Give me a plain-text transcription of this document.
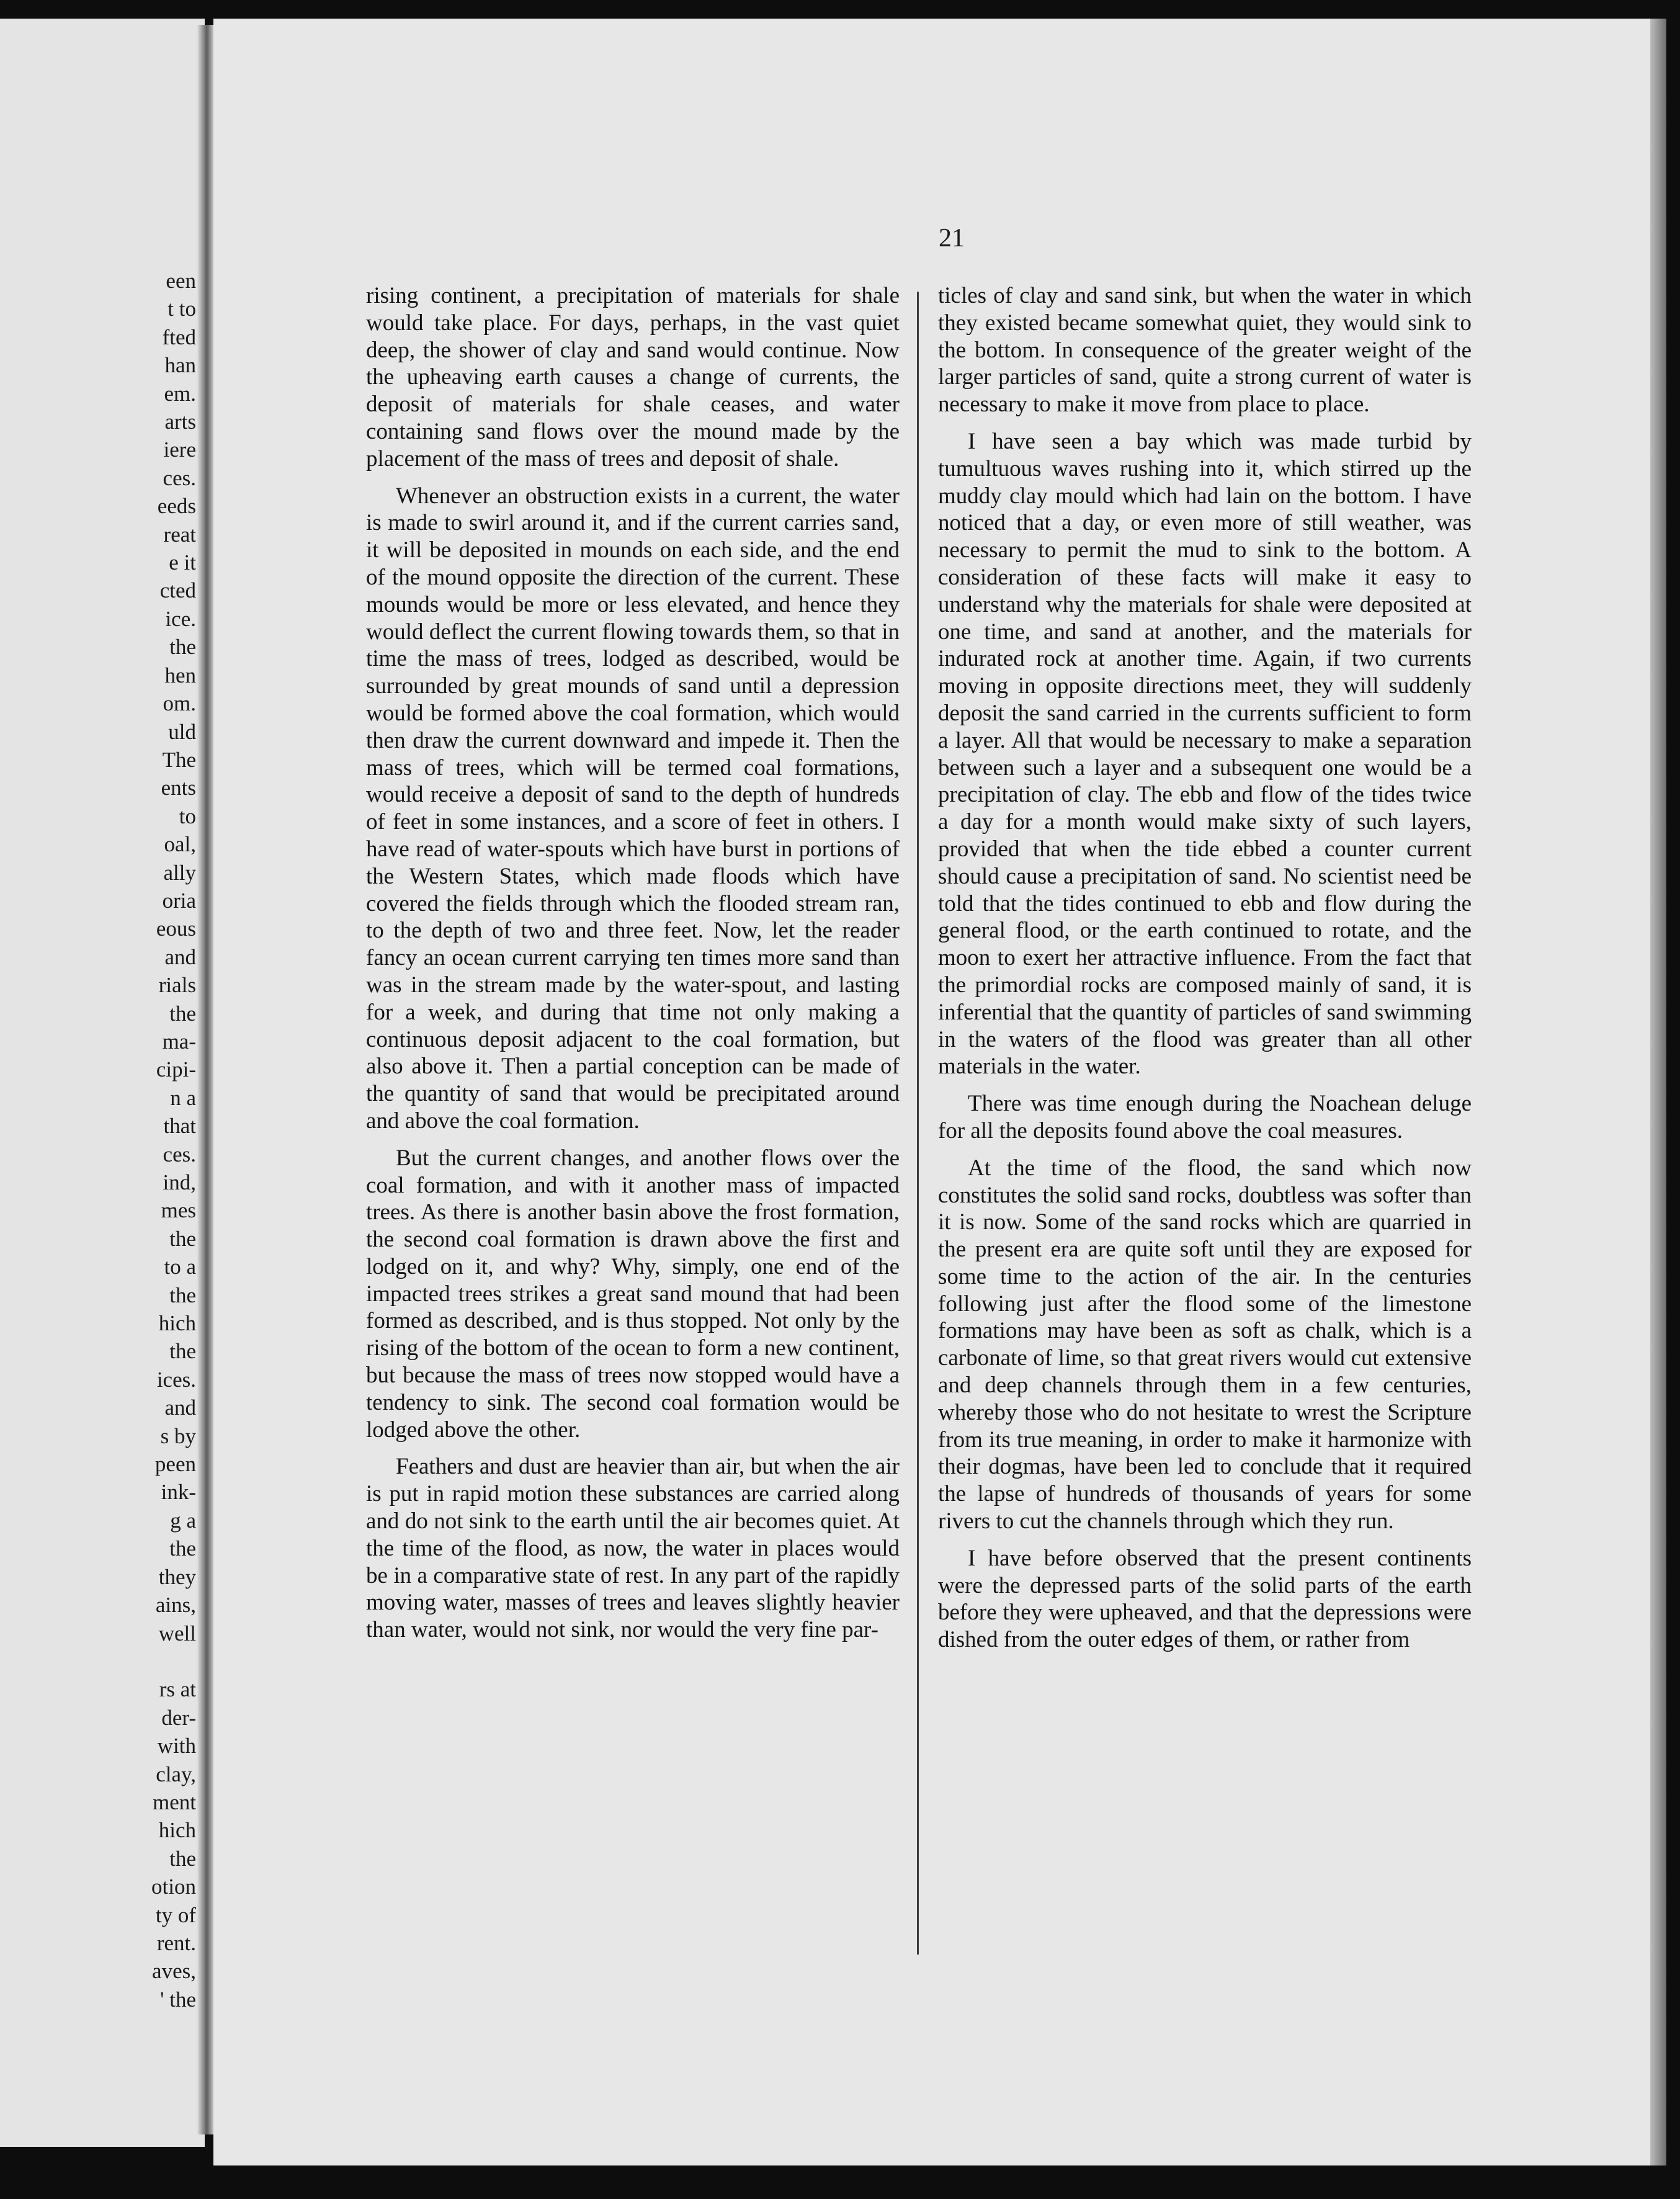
een
t to
fted
han
em.
arts
iere
ces.
eeds
reat
e it
cted
ice.
the
hen
om.
uld
The
ents
to
oal,
ally
oria
eous
and
rials
the
ma-
cipi-
n a
that
ces.
ind,
mes
the
to a
the
hich
the
ices.
and
s by
peen
ink-
g a
the
they
ains,
well

rs at
der-
with
clay,
ment
hich
the
otion
ty of
rent.
aves,
' the
21

rising continent, a precipitation of materials for shale would take place. For days, perhaps, in the vast quiet deep, the shower of clay and sand would continue. Now the upheaving earth causes a change of currents, the deposit of materials for shale ceases, and water containing sand flows over the mound made by the placement of the mass of trees and deposit of shale.

Whenever an obstruction exists in a current, the water is made to swirl around it, and if the current carries sand, it will be deposited in mounds on each side, and the end of the mound opposite the direction of the current. These mounds would be more or less elevated, and hence they would deflect the current flowing towards them, so that in time the mass of trees, lodged as described, would be surrounded by great mounds of sand until a depression would be formed above the coal formation, which would then draw the current downward and impede it. Then the mass of trees, which will be termed coal formations, would receive a deposit of sand to the depth of hundreds of feet in some instances, and a score of feet in others. I have read of water-spouts which have burst in portions of the Western States, which made floods which have covered the fields through which the flooded stream ran, to the depth of two and three feet. Now, let the reader fancy an ocean current carrying ten times more sand than was in the stream made by the water-spout, and lasting for a week, and during that time not only making a continuous deposit adjacent to the coal formation, but also above it. Then a partial conception can be made of the quantity of sand that would be precipitated around and above the coal formation.

But the current changes, and another flows over the coal formation, and with it another mass of impacted trees. As there is another basin above the frost formation, the second coal formation is drawn above the first and lodged on it, and why? Why, simply, one end of the impacted trees strikes a great sand mound that had been formed as described, and is thus stopped. Not only by the rising of the bottom of the ocean to form a new continent, but because the mass of trees now stopped would have a tendency to sink. The second coal formation would be lodged above the other.

Feathers and dust are heavier than air, but when the air is put in rapid motion these substances are carried along and do not sink to the earth until the air becomes quiet. At the time of the flood, as now, the water in places would be in a comparative state of rest. In any part of the rapidly moving water, masses of trees and leaves slightly heavier than water, would not sink, nor would the very fine par-

ticles of clay and sand sink, but when the water in which they existed became somewhat quiet, they would sink to the bottom. In consequence of the greater weight of the larger particles of sand, quite a strong current of water is necessary to make it move from place to place.

I have seen a bay which was made turbid by tumultuous waves rushing into it, which stirred up the muddy clay mould which had lain on the bottom. I have noticed that a day, or even more of still weather, was necessary to permit the mud to sink to the bottom. A consideration of these facts will make it easy to understand why the materials for shale were deposited at one time, and sand at another, and the materials for indurated rock at another time. Again, if two currents moving in opposite directions meet, they will suddenly deposit the sand carried in the currents sufficient to form a layer. All that would be necessary to make a separation between such a layer and a subsequent one would be a precipitation of clay. The ebb and flow of the tides twice a day for a month would make sixty of such layers, provided that when the tide ebbed a counter current should cause a precipitation of sand. No scientist need be told that the tides continued to ebb and flow during the general flood, or the earth continued to rotate, and the moon to exert her attractive influence. From the fact that the primordial rocks are composed mainly of sand, it is inferential that the quantity of particles of sand swimming in the waters of the flood was greater than all other materials in the water.

There was time enough during the Noachean deluge for all the deposits found above the coal measures.

At the time of the flood, the sand which now constitutes the solid sand rocks, doubtless was softer than it is now. Some of the sand rocks which are quarried in the present era are quite soft until they are exposed for some time to the action of the air. In the centuries following just after the flood some of the limestone formations may have been as soft as chalk, which is a carbonate of lime, so that great rivers would cut extensive and deep channels through them in a few centuries, whereby those who do not hesitate to wrest the Scripture from its true meaning, in order to make it harmonize with their dogmas, have been led to conclude that it required the lapse of hundreds of thousands of years for some rivers to cut the channels through which they run.

I have before observed that the present continents were the depressed parts of the solid parts of the earth before they were upheaved, and that the depressions were dished from the outer edges of them, or rather from
